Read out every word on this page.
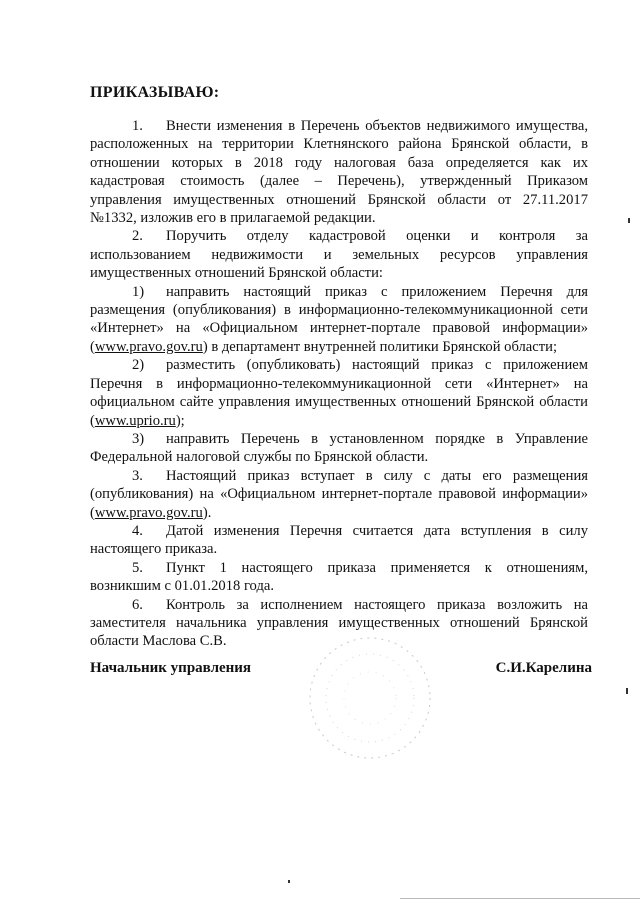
ПРИКАЗЫВАЮ:

1. Внести изменения в Перечень объектов недвижимого имущества, расположенных на территории Клетнянского района Брянской области, в отношении которых в 2018 году налоговая база определяется как их кадастровая стоимость (далее – Перечень), утвержденный Приказом управления имущественных отношений Брянской области от 27.11.2017 №1332, изложив его в прилагаемой редакции.

2. Поручить отделу кадастровой оценки и контроля за использованием недвижимости и земельных ресурсов управления имущественных отношений Брянской области:

1) направить настоящий приказ с приложением Перечня для размещения (опубликования) в информационно-телекоммуникационной сети «Интернет» на «Официальном интернет-портале правовой информации» (www.pravo.gov.ru) в департамент внутренней политики Брянской области;

2) разместить (опубликовать) настоящий приказ с приложением Перечня в информационно-телекоммуникационной сети «Интернет» на официальном сайте управления имущественных отношений Брянской области (www.uprio.ru);

3) направить Перечень в установленном порядке в Управление Федеральной налоговой службы по Брянской области.

3. Настоящий приказ вступает в силу с даты его размещения (опубликования) на «Официальном интернет-портале правовой информации» (www.pravo.gov.ru).

4. Датой изменения Перечня считается дата вступления в силу настоящего приказа.

5. Пункт 1 настоящего приказа применяется к отношениям, возникшим с 01.01.2018 года.

6. Контроль за исполнением настоящего приказа возложить на заместителя начальника управления имущественных отношений Брянской области Маслова С.В.

Начальник управления	С.И.Карелина
